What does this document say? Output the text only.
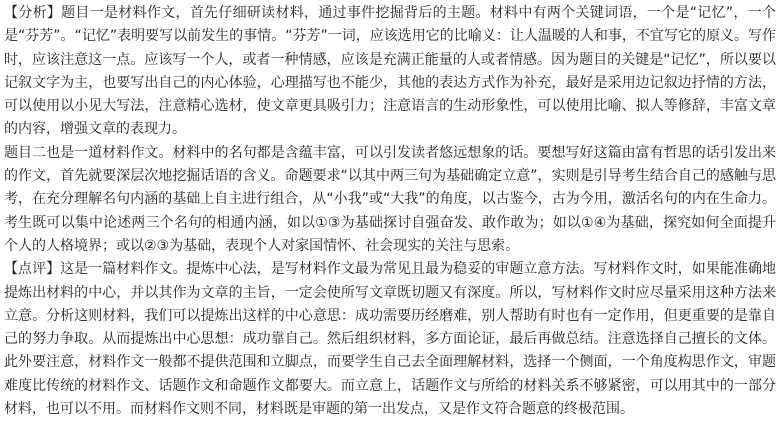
【分析】题目一是材料作文，首先仔细研读材料，通过事件挖掘背后的主题。材料中有两个关键词语，一个是“记忆”，一个是“芬芳”。“记忆”表明要写以前发生的事情。“芬芳”一词，应该选用它的比喻义：让人温暖的人和事，不宜写它的原义。写作时，应该注意这一点。应该写一个人，或者一种情感，应该是充满正能量的人或者情感。因为题目的关键是“记忆”，所以要以记叙文字为主，也要写出自己的内心体验，心理描写也不能少，其他的表达方式作为补充，最好是采用边记叙边抒情的方法，可以使用以小见大写法，注意精心选材，使文章更具吸引力；注意语言的生动形象性，可以使用比喻、拟人等修辞，丰富文章的内容，增强文章的表现力。

题目二也是一道材料作文。材料中的名句都是含蕴丰富，可以引发读者悠远想象的话。要想写好这篇由富有哲思的话引发出来的作文，首先就要深层次地挖掘话语的含义。命题要求“以其中两三句为基础确定立意”，实则是引导考生结合自己的感触与思考，在充分理解名句内涵的基础上自主进行组合，从“小我”或“大我”的角度，以古鉴今，古为今用，激活名句的内在生命力。考生既可以集中论述两三个名句的相通内涵，如以①③为基础探讨自强奋发、敢作敢为；如以①④为基础，探究如何全面提升个人的人格境界；或以②③为基础，表现个人对家国情怀、社会现实的关注与思索。

【点评】这是一篇材料作文。提炼中心法，是写材料作文最为常见且最为稳妥的审题立意方法。写材料作文时，如果能准确地提炼出材料的中心，并以其作为文章的主旨，一定会使所写文章既切题又有深度。所以，写材料作文时应尽量采用这种方法来立意。分析这则材料，我们可以提炼出这样的中心意思：成功需要历经磨难，别人帮助有时也有一定作用，但更重要的是靠自己的努力争取。从而提炼出中心思想：成功靠自己。然后组织材料，多方面论证，最后再做总结。注意选择自己擅长的文体。此外要注意，材料作文一般都不提供范围和立脚点，而要学生自己去全面理解材料，选择一个侧面，一个角度构思作文，审题难度比传统的材料作文、话题作文和命题作文都要大。而立意上，话题作文与所给的材料关系不够紧密，可以用其中的一部分材料，也可以不用。而材料作文则不同，材料既是审题的第一出发点，又是作文符合题意的终极范围。
